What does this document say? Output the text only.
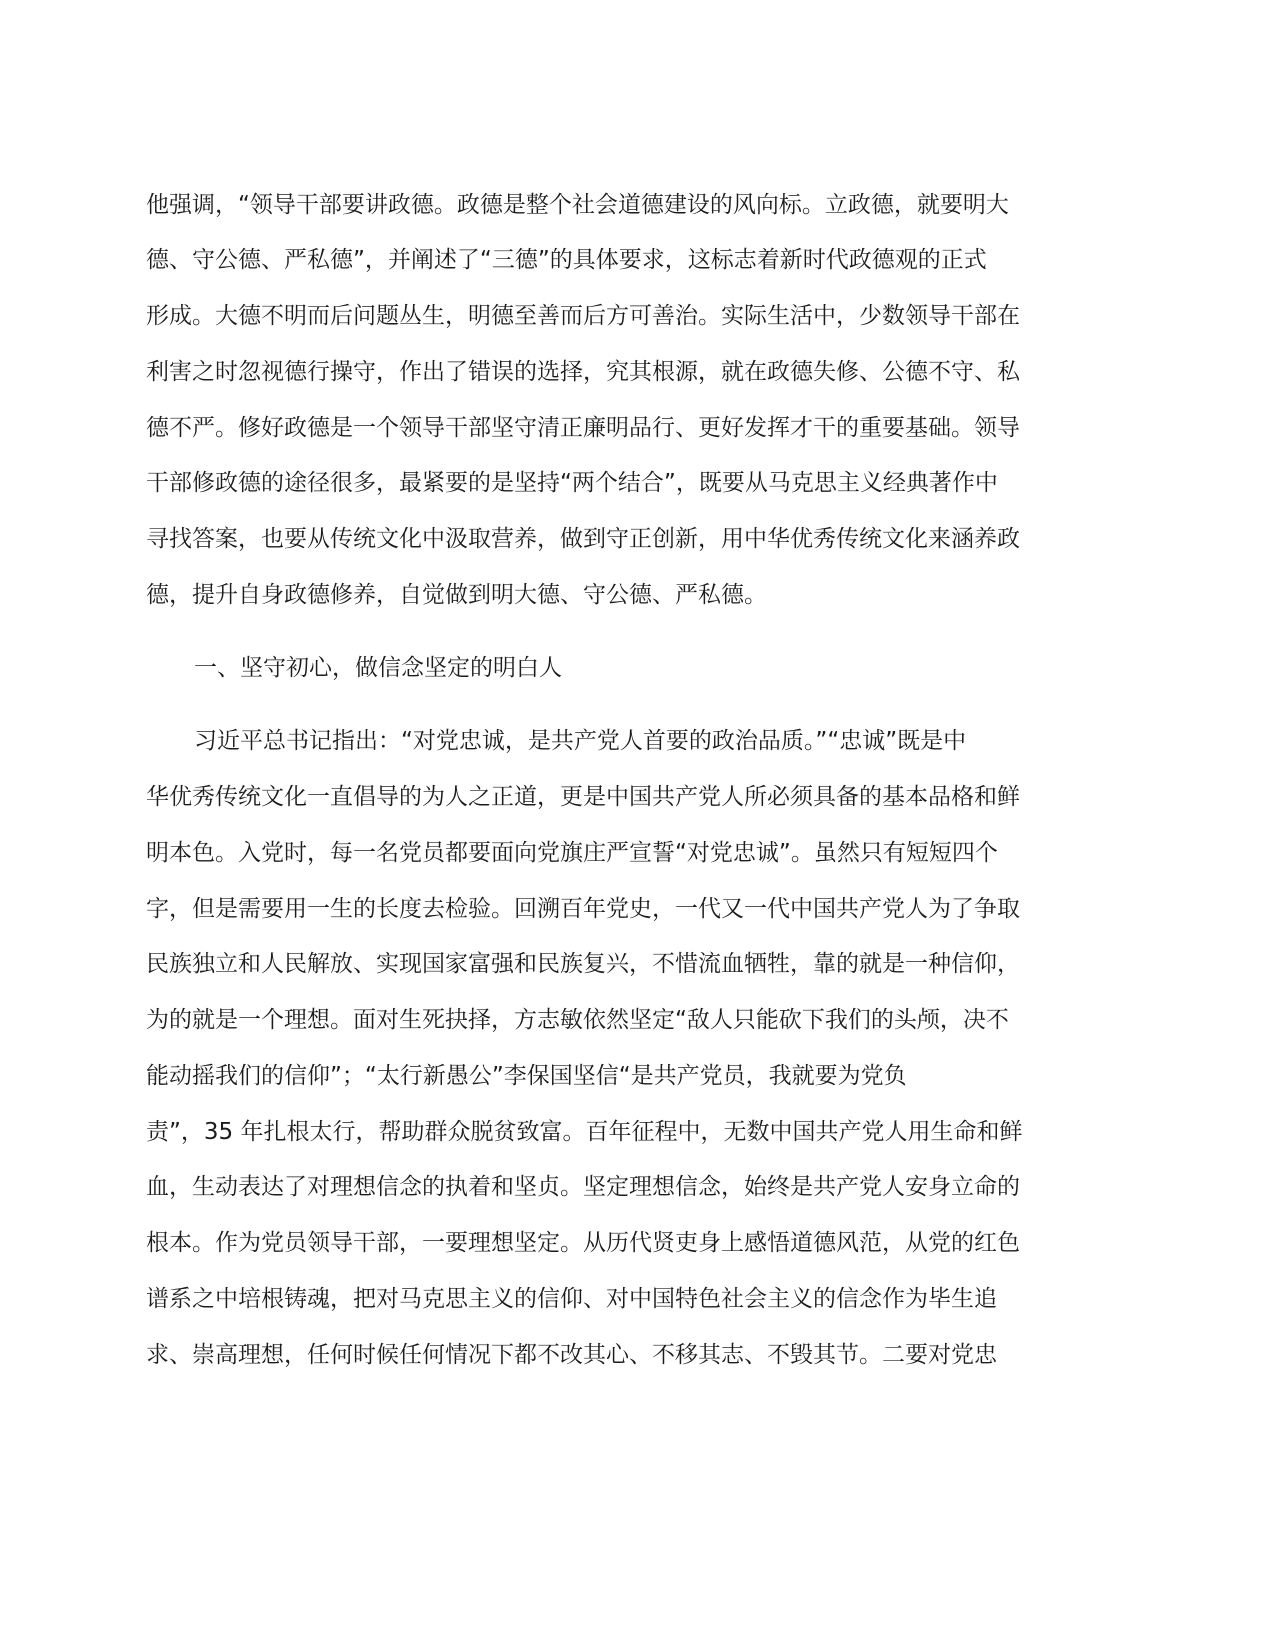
他强调，“领导干部要讲政德。政德是整个社会道德建设的风向标。立政德，就要明大

德、守公德、严私德”，并阐述了“三德”的具体要求，这标志着新时代政德观的正式

形成。大德不明而后问题丛生，明德至善而后方可善治。实际生活中，少数领导干部在

利害之时忽视德行操守，作出了错误的选择，究其根源，就在政德失修、公德不守、私

德不严。修好政德是一个领导干部坚守清正廉明品行、更好发挥才干的重要基础。领导

干部修政德的途径很多，最紧要的是坚持“两个结合”，既要从马克思主义经典著作中

寻找答案，也要从传统文化中汲取营养，做到守正创新，用中华优秀传统文化来涵养政

德，提升自身政德修养，自觉做到明大德、守公德、严私德。

一、坚守初心，做信念坚定的明白人

习近平总书记指出：“对党忠诚，是共产党人首要的政治品质。”“忠诚”既是中

华优秀传统文化一直倡导的为人之正道，更是中国共产党人所必须具备的基本品格和鲜

明本色。入党时，每一名党员都要面向党旗庄严宣誓“对党忠诚”。虽然只有短短四个

字，但是需要用一生的长度去检验。回溯百年党史，一代又一代中国共产党人为了争取

民族独立和人民解放、实现国家富强和民族复兴，不惜流血牺牲，靠的就是一种信仰，

为的就是一个理想。面对生死抉择，方志敏依然坚定“敌人只能砍下我们的头颅，决不

能动摇我们的信仰”；“太行新愚公”李保国坚信“是共产党员，我就要为党负

责”，35 年扎根太行，帮助群众脱贫致富。百年征程中，无数中国共产党人用生命和鲜

血，生动表达了对理想信念的执着和坚贞。坚定理想信念，始终是共产党人安身立命的

根本。作为党员领导干部，一要理想坚定。从历代贤吏身上感悟道德风范，从党的红色

谱系之中培根铸魂，把对马克思主义的信仰、对中国特色社会主义的信念作为毕生追

求、崇高理想，任何时候任何情况下都不改其心、不移其志、不毁其节。二要对党忠
